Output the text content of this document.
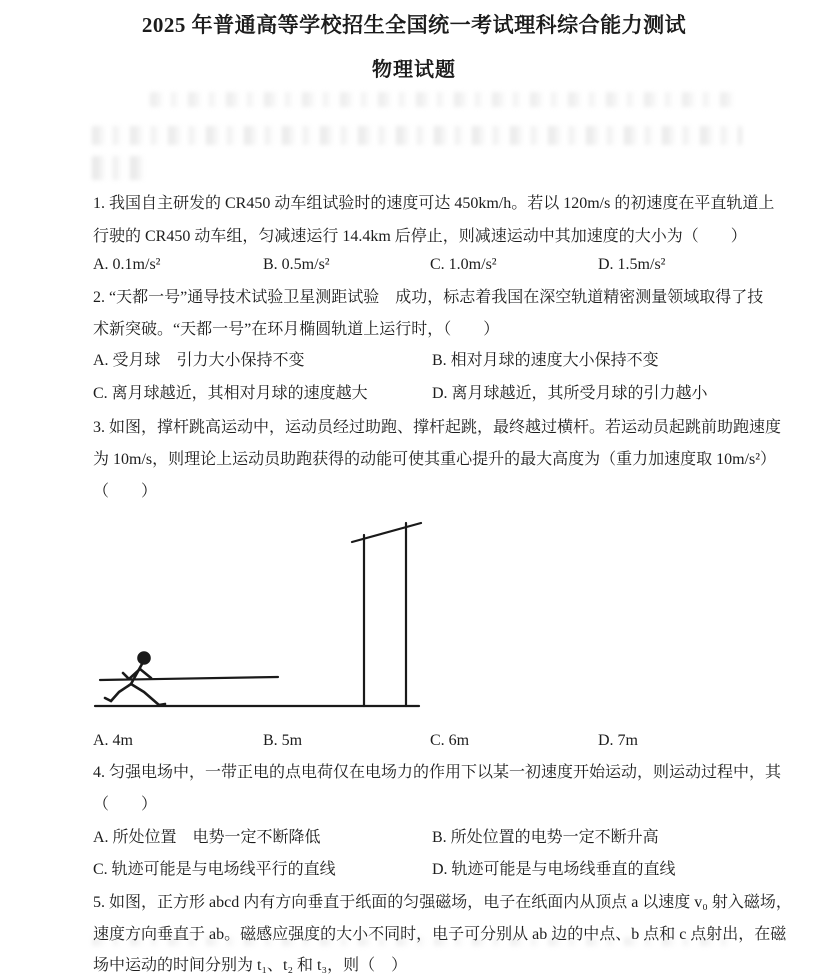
2025 年普通高等学校招生全国统一考试理科综合能力测试
物理试题
1. 我国自主研发的 CR450 动车组试验时的速度可达 450km/h。若以 120m/s 的初速度在平直轨道上
行驶的 CR450 动车组，匀减速运行 14.4km 后停止，则减速运动中其加速度的大小为（　　）
A. 0.1m/s²	B. 0.5m/s²	C. 1.0m/s²	D. 1.5m/s²
2. “天都一号”通导技术试验卫星测距试验　成功，标志着我国在深空轨道精密测量领域取得了技
术新突破。“天都一号”在环月椭圆轨道上运行时，（　　）
A. 受月球　引力大小保持不变	B. 相对月球的速度大小保持不变
C. 离月球越近，其相对月球的速度越大	D. 离月球越近，其所受月球的引力越小
3. 如图，撑杆跳高运动中，运动员经过助跑、撑杆起跳，最终越过横杆。若运动员起跳前助跑速度
为 10m/s，则理论上运动员助跑获得的动能可使其重心提升的最大高度为（重力加速度取 10m/s²）
（　　）
A. 4m	B. 5m	C. 6m	D. 7m
4. 匀强电场中，一带正电的点电荷仅在电场力的作用下以某一初速度开始运动，则运动过程中，其
（　　）
A. 所处位置　电势一定不断降低	B. 所处位置的电势一定不断升高
C. 轨迹可能是与电场线平行的直线	D. 轨迹可能是与电场线垂直的直线
5. 如图，正方形 abcd 内有方向垂直于纸面的匀强磁场，电子在纸面内从顶点 a 以速度 v₀ 射入磁场，
速度方向垂直于 ab。磁感应强度的大小不同时，电子可分别从 ab 边的中点、b 点和 c 点射出，在磁
场中运动的时间分别为 t₁、t₂ 和 t₃，则（　）
